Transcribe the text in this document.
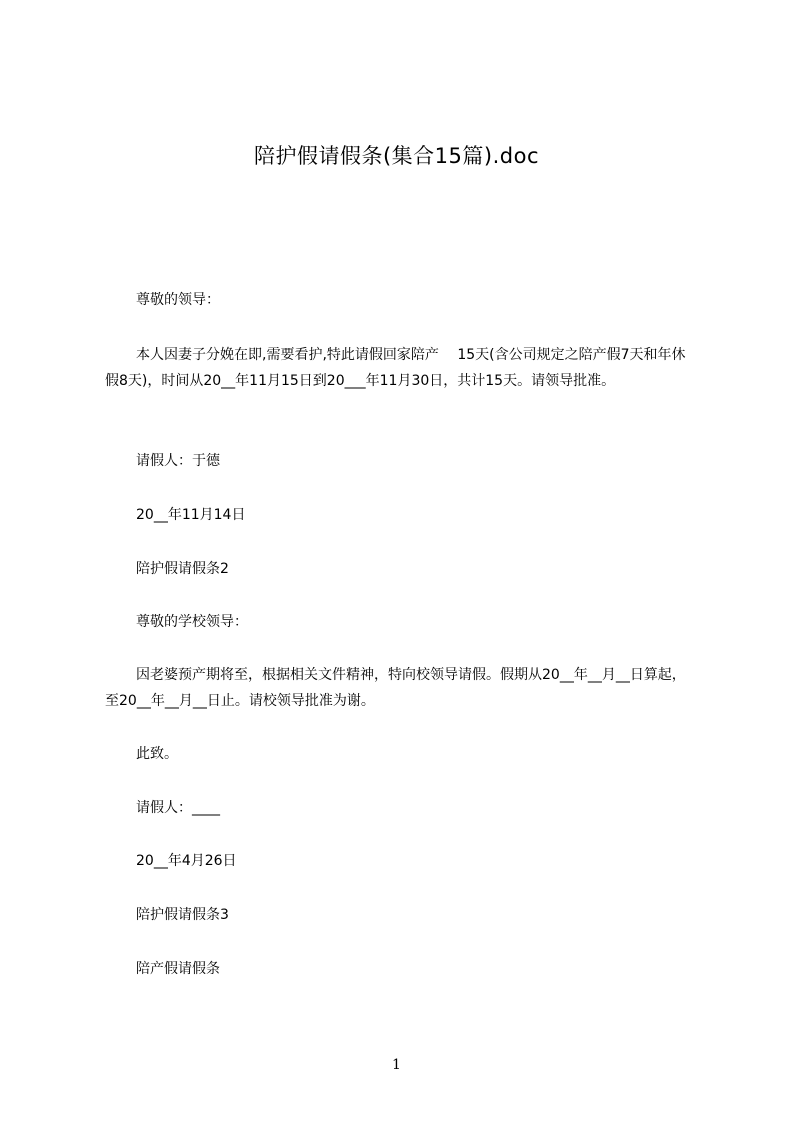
陪护假请假条(集合15篇).doc
尊敬的领导：
本人因妻子分娩在即,需要看护,特此请假回家陪产　 15天(含公司规定之陪产假7天和年休假8天)，时间从20__年11月15日到20___年11月30日，共计15天。请领导批准。
请假人：于德
20__年11月14日
陪护假请假条2
尊敬的学校领导：
因老婆预产期将至，根据相关文件精神，特向校领导请假。假期从20__年__月__日算起，至20__年__月__日止。请校领导批准为谢。
此致。
请假人：____
20__年4月26日
陪护假请假条3
陪产假请假条
1
